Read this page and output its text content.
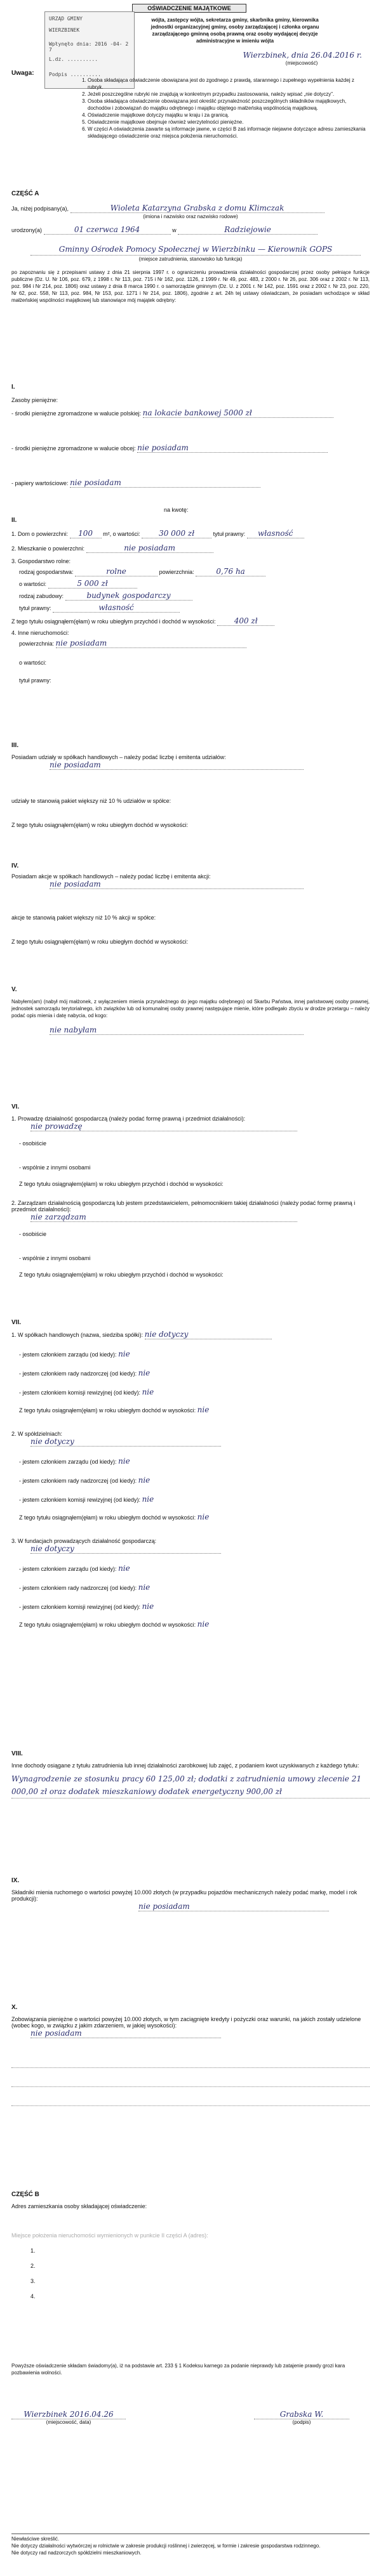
OŚWIADCZENIE MAJĄTKOWE
URZĄD GMINY
WIERZBINEK
Wpłynęło dnia: 2016 -04- 2 7
L.dz. ..........
Podpis ..........
wójta, zastępcy wójta, sekretarza gminy, skarbnika gminy, kierownika jednostki organizacyjnej gminy, osoby zarządzającej i członka organu zarządzającego gminną osobą prawną oraz osoby wydającej decyzje administracyjne w imieniu wójta
Wierzbinek, dnia 26.04.2016 r.
(miejscowość)

Uwaga:

1. Osoba składająca oświadczenie obowiązana jest do zgodnego z prawdą, starannego i zupełnego wypełnienia każdej z rubryk.
2. Jeżeli poszczególne rubryki nie znajdują w konkretnym przypadku zastosowania, należy wpisać „nie dotyczy”.
3. Osoba składająca oświadczenie obowiązana jest określić przynależność poszczególnych składników majątkowych, dochodów i zobowiązań do majątku odrębnego i majątku objętego małżeńską wspólnością majątkową.
4. Oświadczenie majątkowe dotyczy majątku w kraju i za granicą.
5. Oświadczenie majątkowe obejmuje również wierzytelności pieniężne.
6. W części A oświadczenia zawarte są informacje jawne, w części B zaś informacje niejawne dotyczące adresu zamieszkania składającego oświadczenie oraz miejsca położenia nieruchomości.

CZĘŚĆ A

Ja, niżej podpisany(a),	Wioleta Katarzyna Grabska z domu Klimczak

(imiona i nazwisko oraz nazwisko rodowe)

urodzony(a)	01 czerwca 1964	w	Radziejowie

Gminny Ośrodek Pomocy Społecznej w Wierzbinku — Kierownik GOPS

(miejsce zatrudnienia, stanowisko lub funkcja)

po zapoznaniu się z przepisami ustawy z dnia 21 sierpnia 1997 r. o ograniczeniu prowadzenia działalności gospodarczej przez osoby pełniące funkcje publiczne (Dz. U. Nr 106, poz. 679, z 1998 r. Nr 113, poz. 715 i Nr 162, poz. 1126, z 1999 r. Nr 49, poz. 483, z 2000 r. Nr 26, poz. 306 oraz z 2002 r. Nr 113, poz. 984 i Nr 214, poz. 1806) oraz ustawy z dnia 8 marca 1990 r. o samorządzie gminnym (Dz. U. z 2001 r. Nr 142, poz. 1591 oraz z 2002 r. Nr 23, poz. 220, Nr 62, poz. 558, Nr 113, poz. 984, Nr 153, poz. 1271 i Nr 214, poz. 1806), zgodnie z art. 24h tej ustawy oświadczam, że posiadam wchodzące w skład małżeńskiej wspólności majątkowej lub stanowiące mój majątek odrębny:

I.

Zasoby pieniężne:

- środki pieniężne zgromadzone w walucie polskiej: na lokacie bankowej 5000 zł

- środki pieniężne zgromadzone w walucie obcej: nie posiadam

- papiery wartościowe: nie posiadam

na kwotę:

II.

1. Dom o powierzchni: 100 m², o wartości: 30 000 zł	tytuł prawny: własność

2. Mieszkanie o powierzchni:	nie posiadam

3. Gospodarstwo rolne:

rodzaj gospodarstwa:	rolne	powierzchnia:	0,76 ha

o wartości:	5 000 zł

rodzaj zabudowy:	budynek gospodarczy

tytuł prawny:	własność

Z tego tytułu osiągnąłem(ęłam) w roku ubiegłym przychód i dochód w wysokości: 400 zł

4. Inne nieruchomości:

powierzchnia: nie posiadam

o wartości:

tytuł prawny:

III.

Posiadam udziały w spółkach handlowych – należy podać liczbę i emitenta udziałów:

nie posiadam

udziały te stanowią pakiet większy niż 10 % udziałów w spółce:

Z tego tytułu osiągnąłem(ęłam) w roku ubiegłym dochód w wysokości:

IV.

Posiadam akcje w spółkach handlowych – należy podać liczbę i emitenta akcji:

nie posiadam

akcje te stanowią pakiet większy niż 10 % akcji w spółce:

Z tego tytułu osiągnąłem(ęłam) w roku ubiegłym dochód w wysokości:

V.

Nabyłem(am) (nabył mój małżonek, z wyłączeniem mienia przynależnego do jego majątku odrębnego) od Skarbu Państwa, innej państwowej osoby prawnej, jednostek samorządu terytorialnego, ich związków lub od komunalnej osoby prawnej następujące mienie, które podlegało zbyciu w drodze przetargu – należy podać opis mienia i datę nabycia, od kogo:

nie nabyłam

VI.

1. Prowadzę działalność gospodarczą (należy podać formę prawną i przedmiot działalności):

nie prowadzę

- osobiście

- wspólnie z innymi osobami

Z tego tytułu osiągnąłem(ęłam) w roku ubiegłym przychód i dochód w wysokości:

2. Zarządzam działalnością gospodarczą lub jestem przedstawicielem, pełnomocnikiem takiej działalności (należy podać formę prawną i przedmiot działalności):

nie zarządzam

- osobiście

- wspólnie z innymi osobami

Z tego tytułu osiągnąłem(ęłam) w roku ubiegłym przychód i dochód w wysokości:

VII.

1. W spółkach handlowych (nazwa, siedziba spółki): nie dotyczy

- jestem członkiem zarządu (od kiedy): nie

- jestem członkiem rady nadzorczej (od kiedy): nie

- jestem członkiem komisji rewizyjnej (od kiedy): nie

Z tego tytułu osiągnąłem(ęłam) w roku ubiegłym dochód w wysokości: nie

2. W spółdzielniach:

nie dotyczy

- jestem członkiem zarządu (od kiedy): nie

- jestem członkiem rady nadzorczej (od kiedy): nie

- jestem członkiem komisji rewizyjnej (od kiedy): nie

Z tego tytułu osiągnąłem(ęłam) w roku ubiegłym dochód w wysokości: nie

3. W fundacjach prowadzących działalność gospodarczą:

nie dotyczy

- jestem członkiem zarządu (od kiedy): nie

- jestem członkiem rady nadzorczej (od kiedy): nie

- jestem członkiem komisji rewizyjnej (od kiedy): nie

Z tego tytułu osiągnąłem(ęłam) w roku ubiegłym dochód w wysokości: nie

VIII.

Inne dochody osiągane z tytułu zatrudnienia lub innej działalności zarobkowej lub zajęć, z podaniem kwot uzyskiwanych z każdego tytułu:

Wynagrodzenie ze stosunku pracy 60 125,00 zł; dodatki z zatrudnienia umowy zlecenie 21 000,00 zł oraz dodatek mieszkaniowy dodatek energetyczny 900,00 zł

IX.

Składniki mienia ruchomego o wartości powyżej 10.000 złotych (w przypadku pojazdów mechanicznych należy podać markę, model i rok produkcji):

nie posiadam

X.

Zobowiązania pieniężne o wartości powyżej 10.000 złotych, w tym zaciągnięte kredyty i pożyczki oraz warunki, na jakich zostały udzielone (wobec kogo, w związku z jakim zdarzeniem, w jakiej wysokości):

nie posiadam

CZĘŚĆ B

Adres zamieszkania osoby składającej oświadczenie:

Miejsce położenia nieruchomości wymienionych w punkcie II części A (adres):

1.

2.

3.

4.

Powyższe oświadczenie składam świadomy(a), iż na podstawie art. 233 § 1 Kodeksu karnego za podanie nieprawdy lub zatajenie prawdy grozi kara pozbawienia wolności.
Wierzbinek 2016.04.26
(miejscowość, data)
Grabska W.
(podpis)

Niewłaściwe skreślić.

Nie dotyczy działalności wytwórczej w rolnictwie w zakresie produkcji roślinnej i zwierzęcej, w formie i zakresie gospodarstwa rodzinnego.

Nie dotyczy rad nadzorczych spółdzielni mieszkaniowych.
